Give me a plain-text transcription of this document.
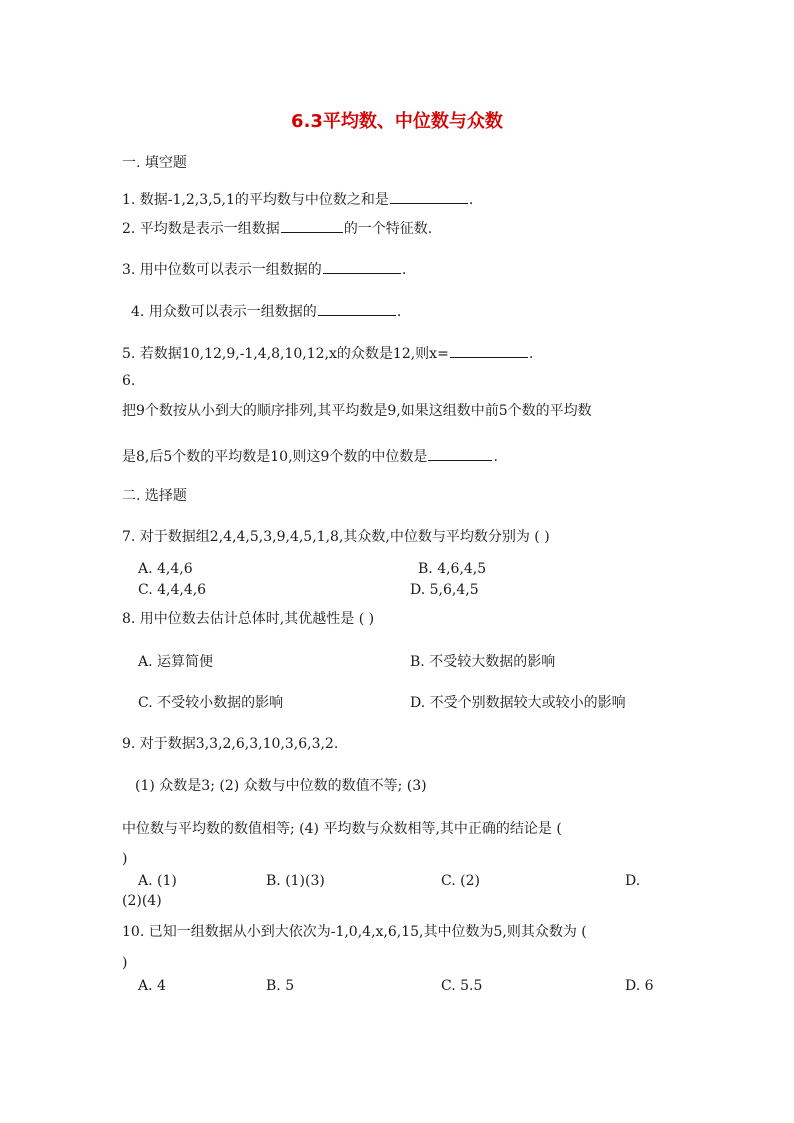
6.3平均数、中位数与众数
一. 填空题
1. 数据-1,2,3,5,1的平均数与中位数之和是	.
2. 平均数是表示一组数据	的一个特征数.
3. 用中位数可以表示一组数据的	.
4. 用众数可以表示一组数据的	.
5. 若数据10,12,9,-1,4,8,10,12,x的众数是12,则x=	.
6.
把9个数按从小到大的顺序排列,其平均数是9,如果这组数中前5个数的平均数
是8,后5个数的平均数是10,则这9个数的中位数是	.
二. 选择题
7. 对于数据组2,4,4,5,3,9,4,5,1,8,其众数,中位数与平均数分别为 ( )
A. 4,4,6	B. 4,6,4,5
C. 4,4,4,6	D. 5,6,4,5
8. 用中位数去估计总体时,其优越性是 ( )
A. 运算简便	B. 不受较大数据的影响
C. 不受较小数据的影响	D. 不受个别数据较大或较小的影响
9. 对于数据3,3,2,6,3,10,3,6,3,2.
(1) 众数是3; (2) 众数与中位数的数值不等; (3)
中位数与平均数的数值相等; (4) 平均数与众数相等,其中正确的结论是 (
)
A. (1)	B. (1)(3)	C. (2)	D.
(2)(4)
10. 已知一组数据从小到大依次为-1,0,4,x,6,15,其中位数为5,则其众数为 (
)
A. 4	B. 5	C. 5.5	D. 6
